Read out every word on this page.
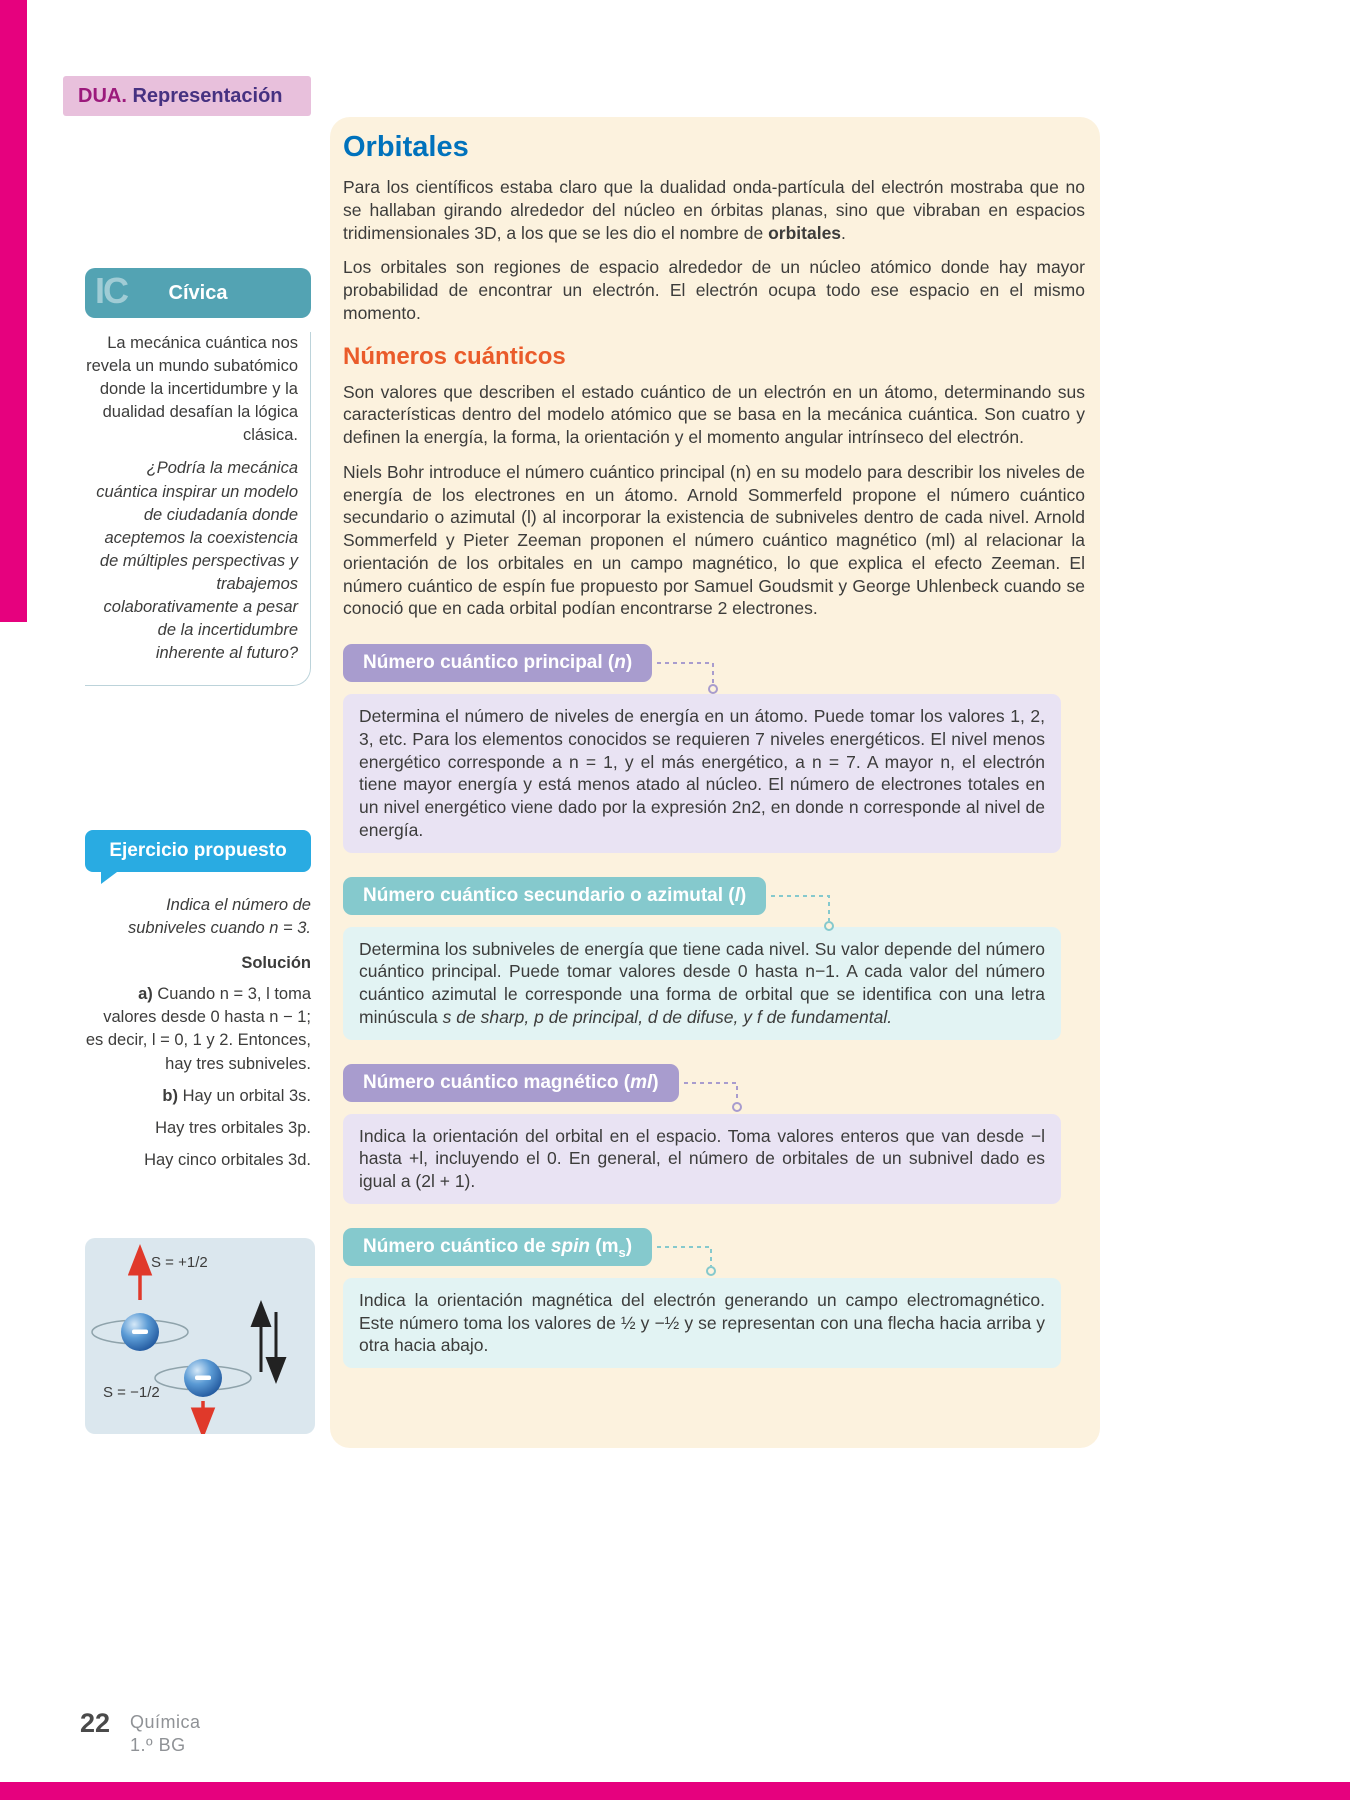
DUA. Representación
IC	Cívica

La mecánica cuántica nos revela un mundo subatómico donde la incertidumbre y la dualidad desafían la lógica clásica.

¿Podría la mecánica cuántica inspirar un modelo de ciudadanía donde aceptemos la coexistencia de múltiples perspectivas y trabajemos colaborativamente a pesar de la incertidumbre inherente al futuro?

Ejercicio propuesto

Indica el número de subniveles cuando n = 3.

Solución

a) Cuando n = 3, l toma valores desde 0 hasta n − 1; es decir, l = 0, 1 y 2. Entonces, hay tres subniveles.

b) Hay un orbital 3s.

Hay tres orbitales 3p.

Hay cinco orbitales 3d.

S = +1/2
S = −1/2
Orbitales

Para los científicos estaba claro que la dualidad onda-partícula del electrón mostraba que no se hallaban girando alrededor del núcleo en órbitas planas, sino que vibraban en espacios tridimensionales 3D, a los que se les dio el nombre de orbitales.

Los orbitales son regiones de espacio alrededor de un núcleo atómico donde hay mayor probabilidad de encontrar un electrón. El electrón ocupa todo ese espacio en el mismo momento.

Números cuánticos

Son valores que describen el estado cuántico de un electrón en un átomo, determinando sus características dentro del modelo atómico que se basa en la mecánica cuántica. Son cuatro y definen la energía, la forma, la orientación y el momento angular intrínseco del electrón.

Niels Bohr introduce el número cuántico principal (n) en su modelo para describir los niveles de energía de los electrones en un átomo. Arnold Sommerfeld propone el número cuántico secundario o azimutal (l) al incorporar la existencia de subniveles dentro de cada nivel. Arnold Sommerfeld y Pieter Zeeman proponen el número cuántico magnético (ml) al relacionar la orientación de los orbitales en un campo magnético, lo que explica el efecto Zeeman. El número cuántico de espín fue propuesto por Samuel Goudsmit y George Uhlenbeck cuando se conoció que en cada orbital podían encontrarse 2 electrones.

Número cuántico principal ( n )
Determina el número de niveles de energía en un átomo. Puede tomar los valores 1, 2, 3, etc. Para los elementos conocidos se requieren 7 niveles energéticos. El nivel menos energético corresponde a n = 1, y el más energético, a n = 7. A mayor n, el electrón tiene mayor energía y está menos atado al núcleo. El número de electrones totales en un nivel energético viene dado por la expresión 2n2, en donde n corresponde al nivel de energía.
Número cuántico secundario o azimutal ( l )
Determina los subniveles de energía que tiene cada nivel. Su valor depende del número cuántico principal. Puede tomar valores desde 0 hasta n−1. A cada valor del número cuántico azimutal le corresponde una forma de orbital que se identifica con una letra minúscula s de sharp, p de principal, d de difuse, y f de fundamental.
Número cuántico magnético ( ml )
Indica la orientación del orbital en el espacio. Toma valores enteros que van desde −l hasta +l, incluyendo el 0. En general, el número de orbitales de un subnivel dado es igual a (2l + 1).
Número cuántico de spin ($m_s$ )
Indica la orientación magnética del electrón generando un campo electromagnético. Este número toma los valores de ½ y −½ y se representan con una flecha hacia arriba y otra hacia abajo.
22 Química
1.º BG
